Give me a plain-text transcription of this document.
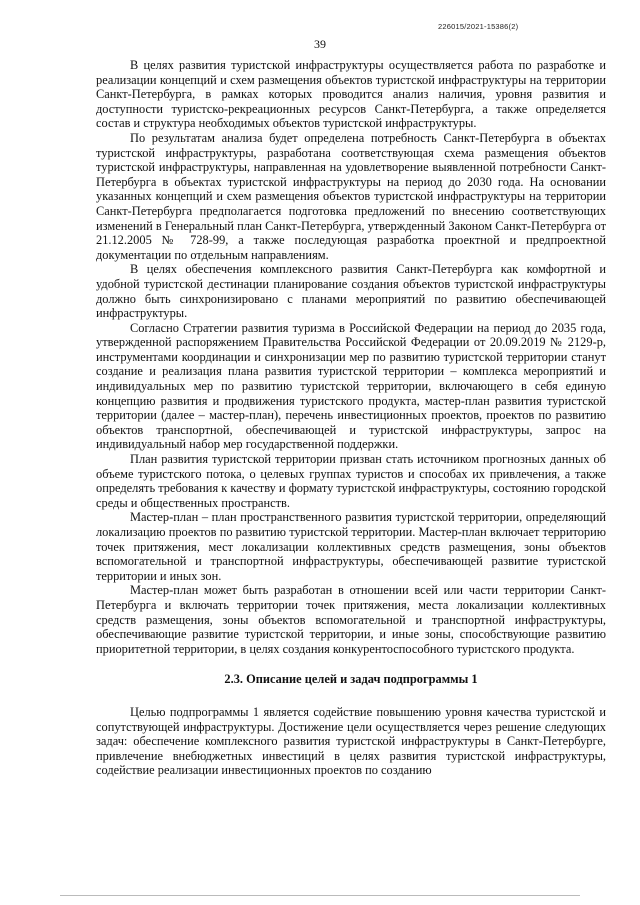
226015/2021-15386(2)
39

В целях развития туристской инфраструктуры осуществляется работа по разработке и реализации концепций и схем размещения объектов туристской инфраструктуры на территории Санкт-Петербурга, в рамках которых проводится анализ наличия, уровня развития и доступности туристско-рекреационных ресурсов Санкт-Петербурга, а также определяется состав и структура необходимых объектов туристской инфраструктуры.

По результатам анализа будет определена потребность Санкт-Петербурга в объектах туристской инфраструктуры, разработана соответствующая схема размещения объектов туристской инфраструктуры, направленная на удовлетворение выявленной потребности Санкт-Петербурга в объектах туристской инфраструктуры на период до 2030 года. На основании указанных концепций и схем размещения объектов туристской инфраструктуры на территории Санкт-Петербурга предполагается подготовка предложений по внесению соответствующих изменений в Генеральный план Санкт-Петербурга, утвержденный Законом Санкт-Петербурга от 21.12.2005 № 728-99, а также последующая разработка проектной и предпроектной документации по отдельным направлениям.

В целях обеспечения комплексного развития Санкт-Петербурга как комфортной и удобной туристской дестинации планирование создания объектов туристской инфраструктуры должно быть синхронизировано с планами мероприятий по развитию обеспечивающей инфраструктуры.

Согласно Стратегии развития туризма в Российской Федерации на период до 2035 года, утвержденной распоряжением Правительства Российской Федерации от 20.09.2019 № 2129-р, инструментами координации и синхронизации мер по развитию туристской территории станут создание и реализация плана развития туристской территории – комплекса мероприятий и индивидуальных мер по развитию туристской территории, включающего в себя единую концепцию развития и продвижения туристского продукта, мастер-план развития туристской территории (далее – мастер-план), перечень инвестиционных проектов, проектов по развитию объектов транспортной, обеспечивающей и туристской инфраструктуры, запрос на индивидуальный набор мер государственной поддержки.

План развития туристской территории призван стать источником прогнозных данных об объеме туристского потока, о целевых группах туристов и способах их привлечения, а также определять требования к качеству и формату туристской инфраструктуры, состоянию городской среды и общественных пространств.

Мастер-план – план пространственного развития туристской территории, определяющий локализацию проектов по развитию туристской территории. Мастер-план включает территорию точек притяжения, мест локализации коллективных средств размещения, зоны объектов вспомогательной и транспортной инфраструктуры, обеспечивающей развитие туристской территории и иных зон.

Мастер-план может быть разработан в отношении всей или части территории Санкт-Петербурга и включать территории точек притяжения, места локализации коллективных средств размещения, зоны объектов вспомогательной и транспортной инфраструктуры, обеспечивающие развитие туристской территории, и иные зоны, способствующие развитию приоритетной территории, в целях создания конкурентоспособного туристского продукта.

2.3. Описание целей и задач подпрограммы 1

Целью подпрограммы 1 является содействие повышению уровня качества туристской и сопутствующей инфраструктуры. Достижение цели осуществляется через решение следующих задач: обеспечение комплексного развития туристской инфраструктуры в Санкт-Петербурге, привлечение внебюджетных инвестиций в целях развития туристской инфраструктуры, содействие реализации инвестиционных проектов по созданию
